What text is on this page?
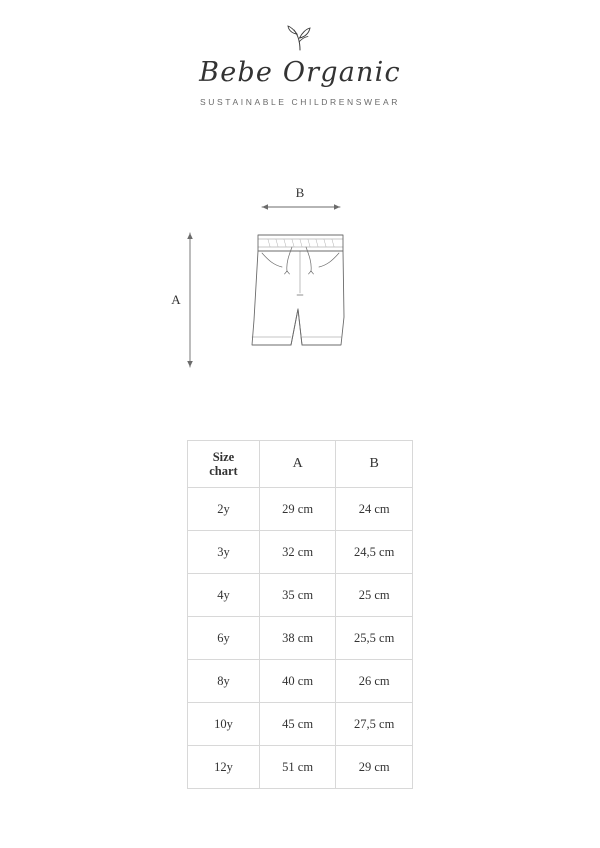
Bebe Organic
SUSTAINABLE CHILDRENSWEAR
B
A
Size
chart	A	B
2y	29 cm	24 cm
3y	32 cm	24,5 cm
4y	35 cm	25 cm
6y	38 cm	25,5 cm
8y	40 cm	26 cm
10y	45 cm	27,5 cm
12y	51 cm	29 cm
